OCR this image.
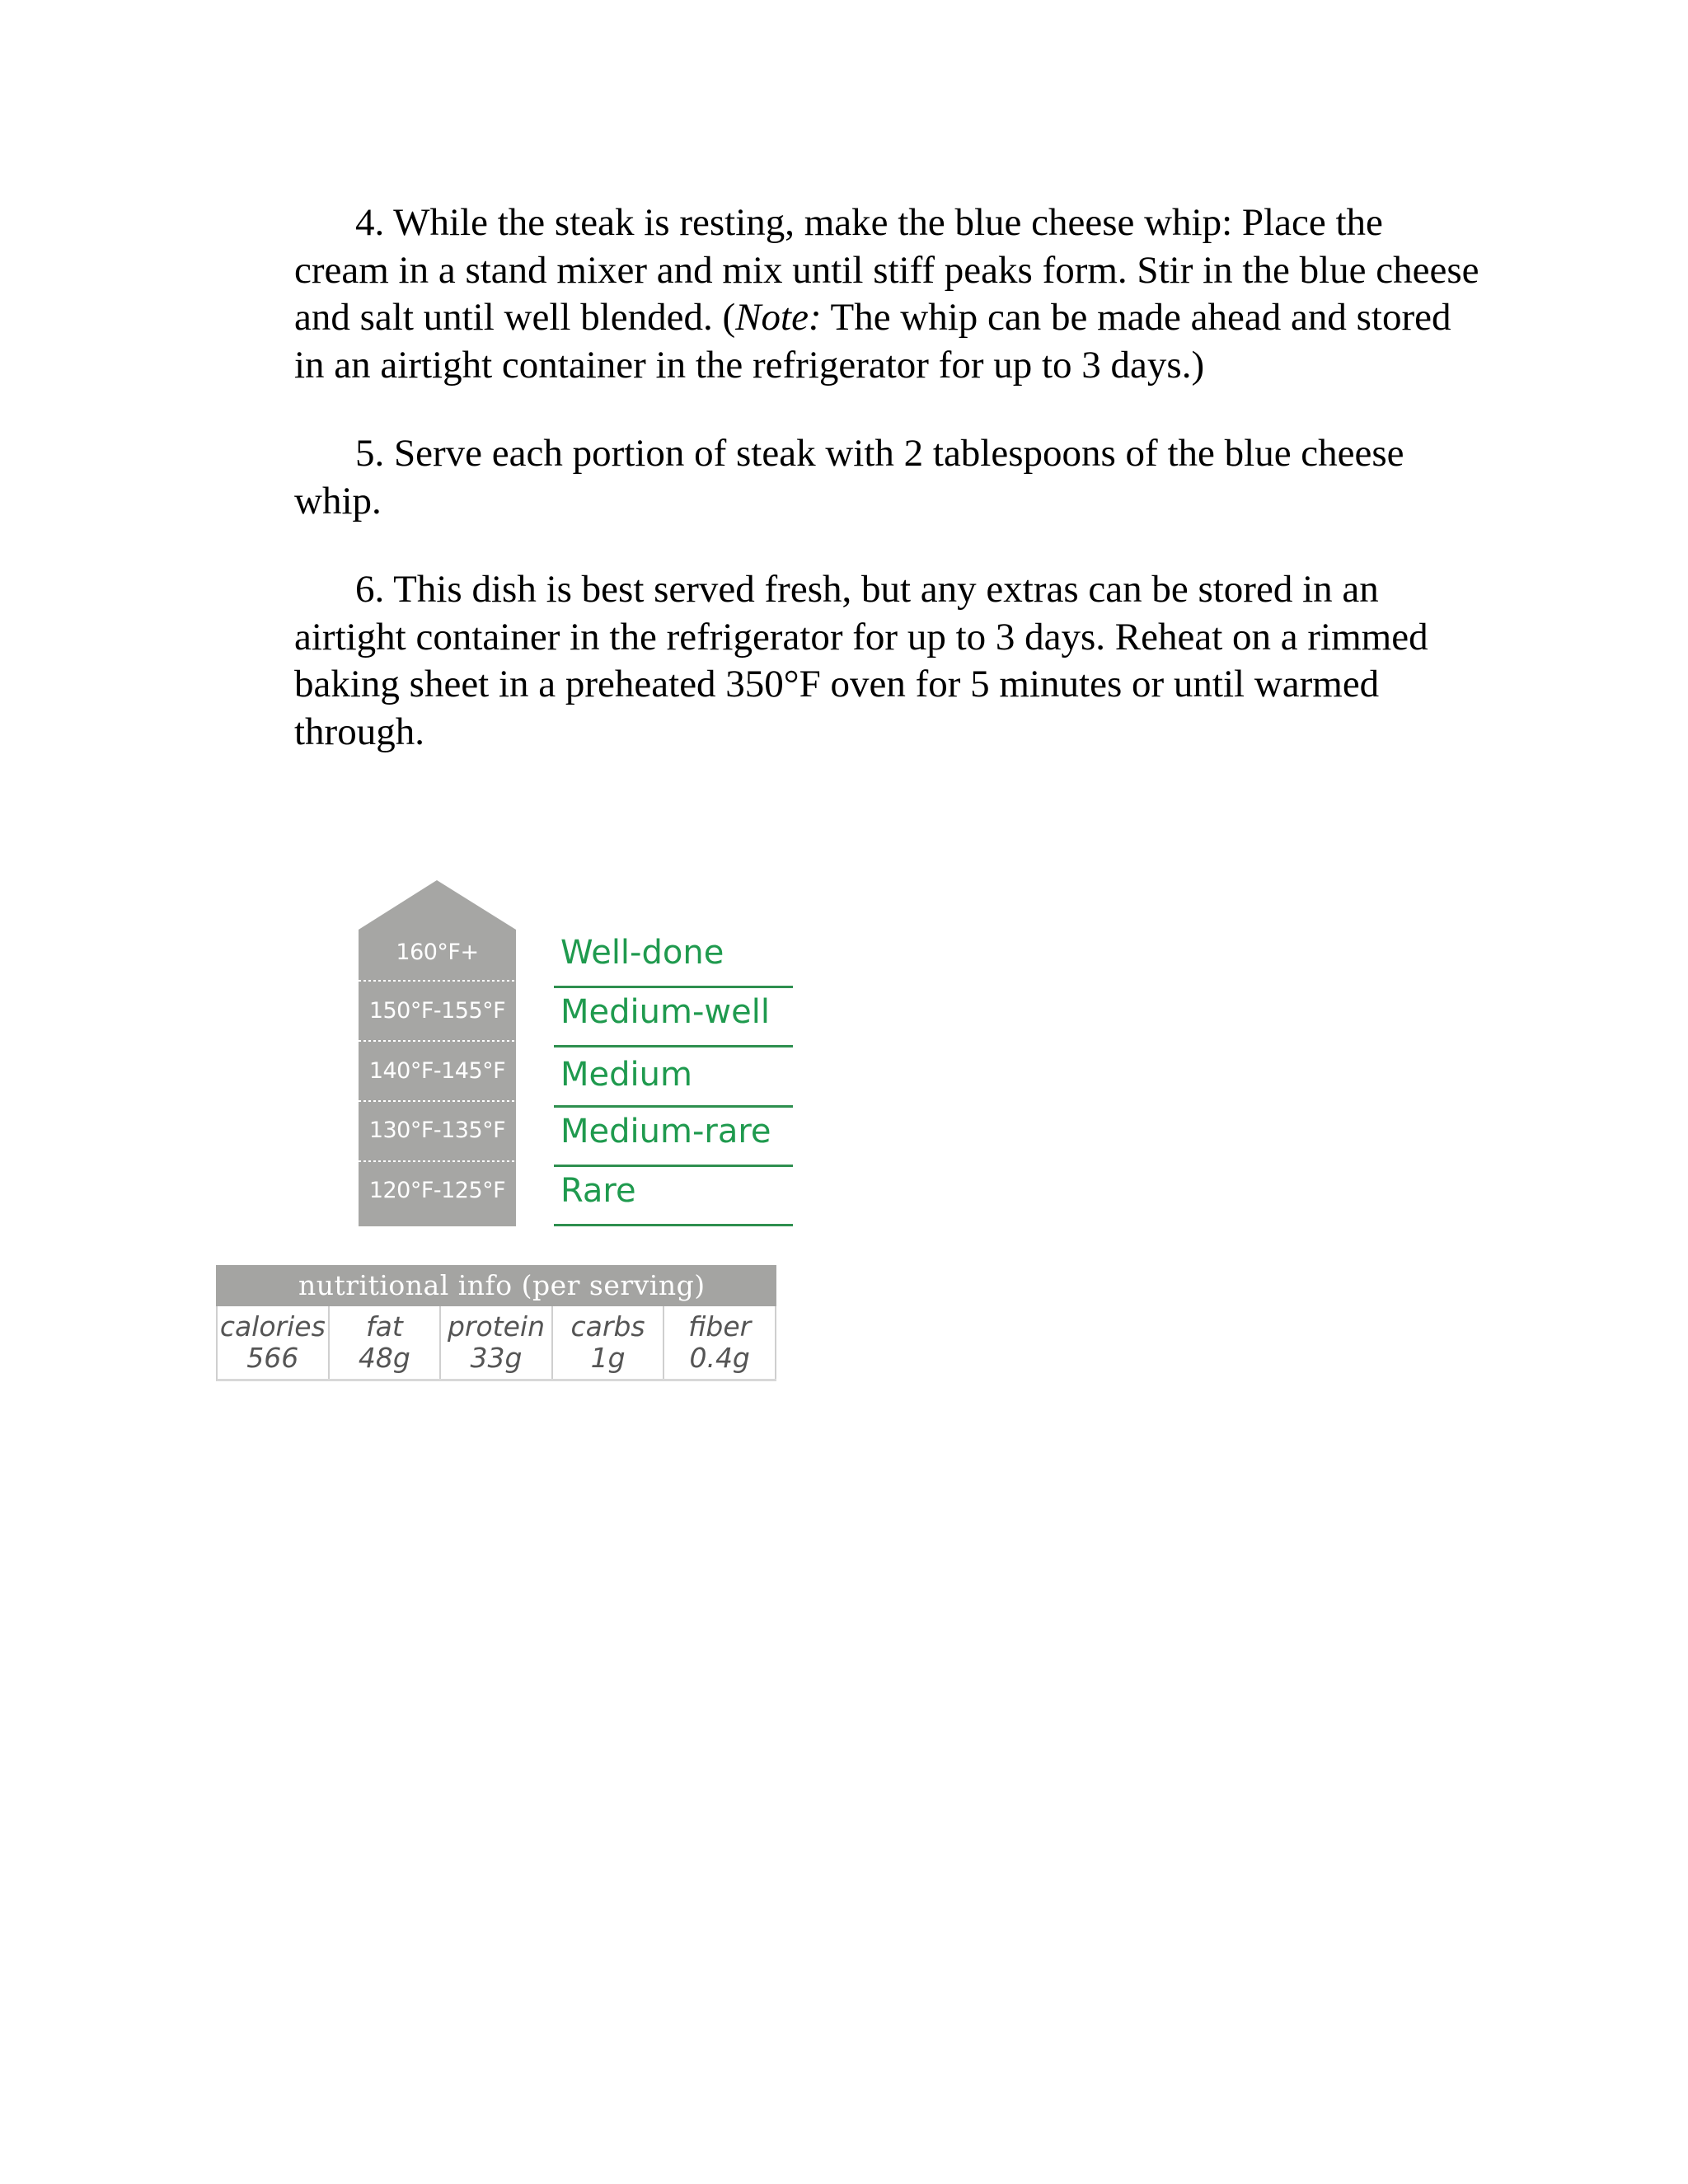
4. While the steak is resting, make the blue cheese whip: Place the cream in a stand mixer and mix until stiff peaks form. Stir in the blue cheese and salt until well blended. (Note: The whip can be made ahead and stored in an airtight container in the refrigerator for up to 3 days.)

5. Serve each portion of steak with 2 tablespoons of the blue cheese whip.

6. This dish is best served fresh, but any extras can be stored in an airtight container in the refrigerator for up to 3 days. Reheat on a rimmed baking sheet in a preheated 350°F oven for 5 minutes or until warmed through.

160°F+
150°F-155°F
140°F-145°F
130°F-135°F
120°F-125°F
Well-done
Medium-well
Medium
Medium-rare
Rare
nutritional info (per serving)
calories
566
fat
48g
protein
33g
carbs
1g
fiber
0.4g
